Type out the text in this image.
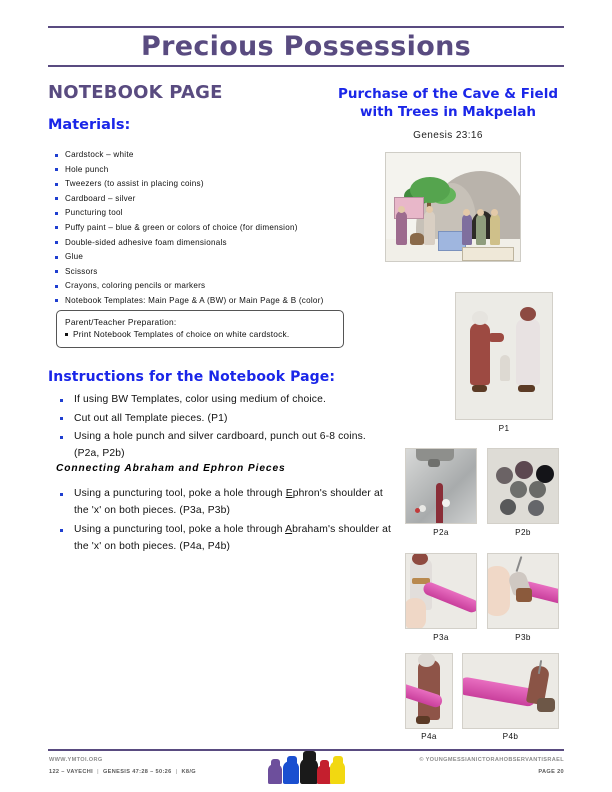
Precious Possessions
NOTEBOOK PAGE
Materials:
Cardstock – white
Hole punch
Tweezers (to assist in placing coins)
Cardboard – silver
Puncturing tool
Puffy paint – blue & green or colors of choice (for dimension)
Double-sided adhesive foam dimensionals
Glue
Scissors
Crayons, coloring pencils or markers
Notebook Templates: Main Page & A (BW) or Main Page & B (color)
Parent/Teacher Preparation:
Print Notebook Templates of choice on white cardstock.
Instructions for the Notebook Page:
If using BW Templates, color using medium of choice.
Cut out all Template pieces. (P1)
Using a hole punch and silver cardboard, punch out 6-8 coins. (P2a, P2b)
Connecting Abraham and Ephron Pieces
Using a puncturing tool, poke a hole through Ephron's shoulder at the 'x' on both pieces. (P3a, P3b)
Using a puncturing tool, poke a hole through Abraham's shoulder at the 'x' on both pieces. (P4a, P4b)
Purchase of the Cave & Field
with Trees in Makpelah
Genesis 23:16
P1
P2a	P2b
P3a	P3b
P4a	P4b
WWW.YMTOI.ORG
122 – VAYECHI | GENESIS 47:28 – 50:26 | K8/G
© YOUNGMESSIANICTORAHOBSERVANTISRAEL
PAGE 20
